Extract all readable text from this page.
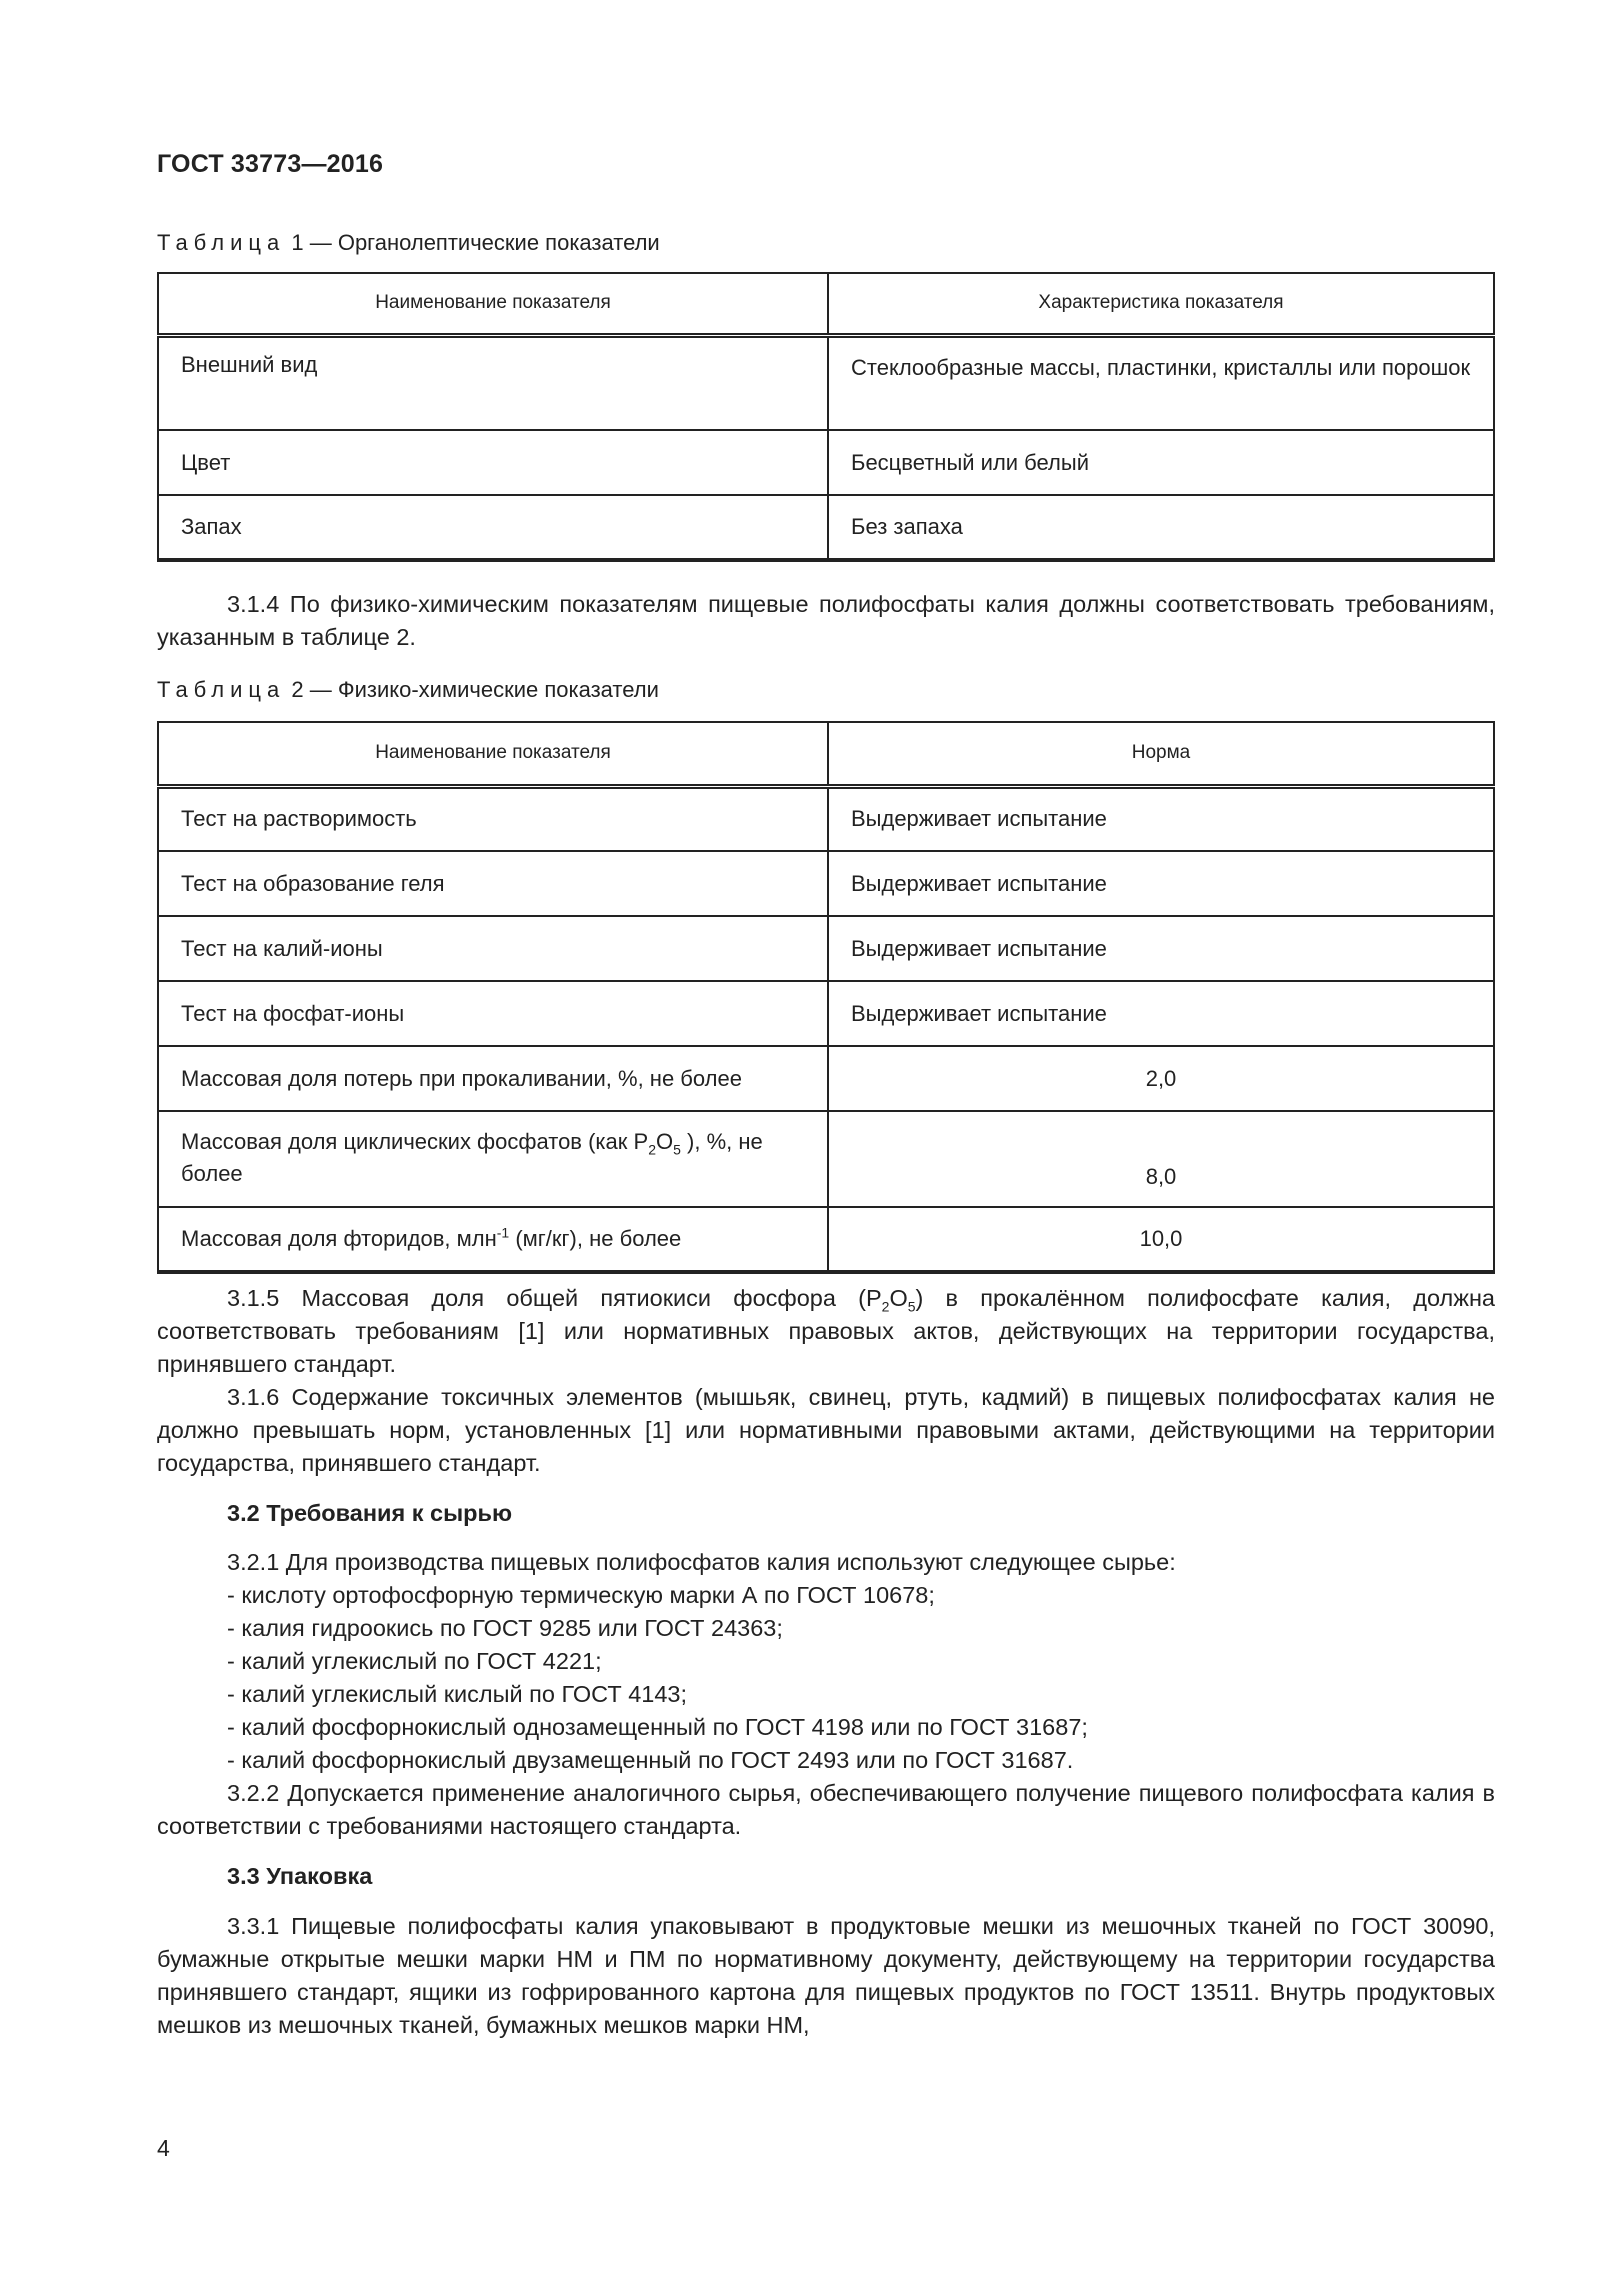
ГОСТ 33773—2016
Таблица 1 — Органолептические показатели
Наименование показателя	Характеристика показателя
Внешний вид	Стеклообразные массы, пластинки, кристаллы или порошок
Цвет	Бесцветный или белый
Запах	Без запаха
3.1.4 По физико-химическим показателям пищевые полифосфаты калия должны соответствовать требованиям, указанным в таблице 2.
Таблица 2 — Физико-химические показатели
Наименование показателя	Норма
Тест на растворимость	Выдерживает испытание
Тест на образование геля	Выдерживает испытание
Тест на калий-ионы	Выдерживает испытание
Тест на фосфат-ионы	Выдерживает испытание
Массовая доля потерь при прокаливании, %, не более	2,0
Массовая доля циклических фосфатов (как $P_2O_5$ ), %, не более	8,0
Массовая доля фторидов, млн$^{-1}$ (мг/кг), не более	10,0
3.1.5 Массовая доля общей пятиокиси фосфора $(P_2O_5)$ в прокалённом полифосфате калия, должна соответствовать требованиям [1] или нормативных правовых актов, действующих на территории государства, принявшего стандарт.
3.1.6 Содержание токсичных элементов (мышьяк, свинец, ртуть, кадмий) в пищевых полифосфатах калия не должно превышать норм, установленных [1] или нормативными правовыми актами, действующими на территории государства, принявшего стандарт.
3.2 Требования к сырью
3.2.1 Для производства пищевых полифосфатов калия используют следующее сырье:
- кислоту ортофосфорную термическую марки А по ГОСТ 10678;
- калия гидроокись по ГОСТ 9285 или ГОСТ 24363;
- калий углекислый по ГОСТ 4221;
- калий углекислый кислый по ГОСТ 4143;
- калий фосфорнокислый однозамещенный по ГОСТ 4198 или по ГОСТ 31687;
- калий фосфорнокислый двузамещенный по ГОСТ 2493 или по ГОСТ 31687.
3.2.2 Допускается применение аналогичного сырья, обеспечивающего получение пищевого полифосфата калия в соответствии с требованиями настоящего стандарта.
3.3 Упаковка
3.3.1 Пищевые полифосфаты калия упаковывают в продуктовые мешки из мешочных тканей по ГОСТ 30090, бумажные открытые мешки марки НМ и ПМ по нормативному документу, действующему на территории государства принявшего стандарт, ящики из гофрированного картона для пищевых продуктов по ГОСТ 13511. Внутрь продуктовых мешков из мешочных тканей, бумажных мешков марки НМ,
4
